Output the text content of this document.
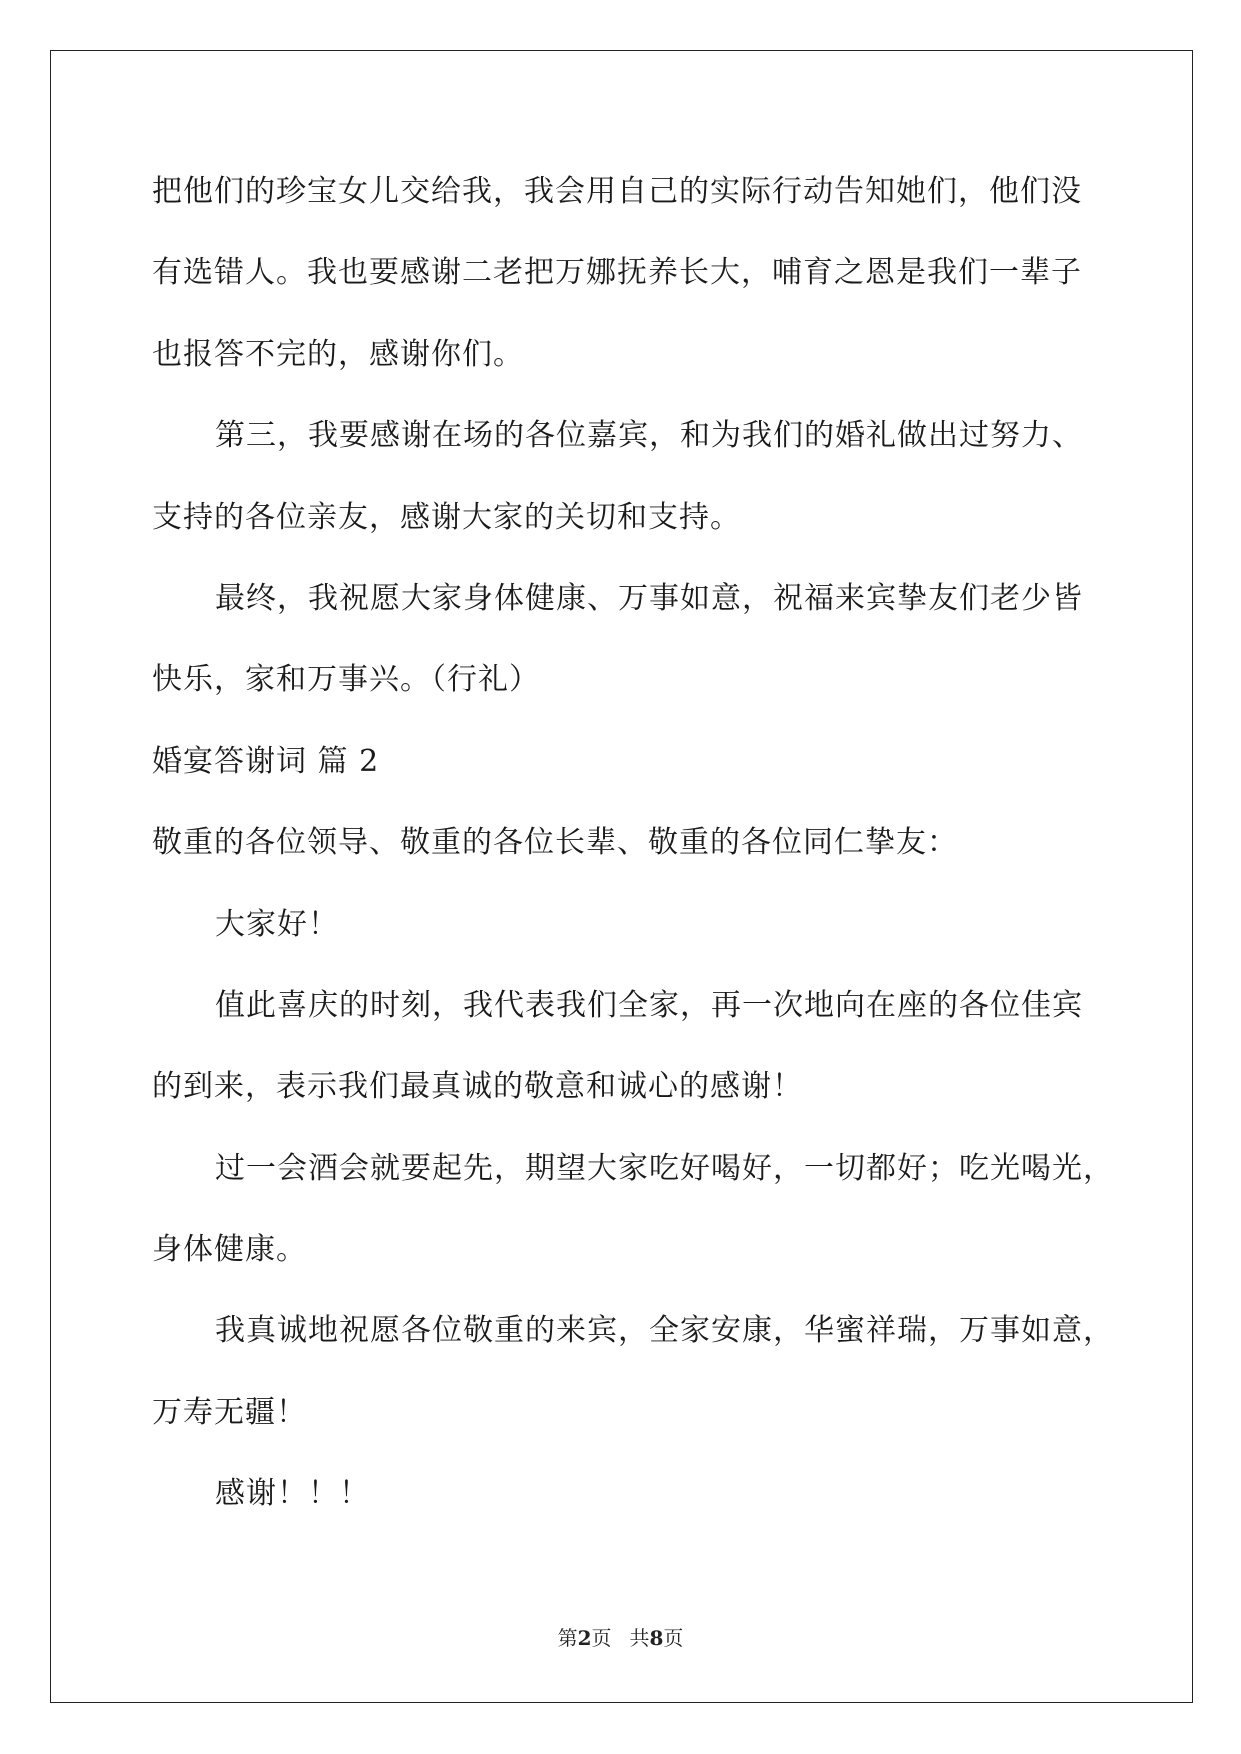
把他们的珍宝女儿交给我，我会用自己的实际行动告知她们，他们没
有选错人。我也要感谢二老把万娜抚养长大，哺育之恩是我们一辈子
也报答不完的，感谢你们。
第三，我要感谢在场的各位嘉宾，和为我们的婚礼做出过努力、
支持的各位亲友，感谢大家的关切和支持。
最终，我祝愿大家身体健康、万事如意，祝福来宾挚友们老少皆
快乐，家和万事兴。（行礼）
婚宴答谢词 篇 2
敬重的各位领导、敬重的各位长辈、敬重的各位同仁挚友：
大家好！
值此喜庆的时刻，我代表我们全家，再一次地向在座的各位佳宾
的到来，表示我们最真诚的敬意和诚心的感谢！
过一会酒会就要起先，期望大家吃好喝好，一切都好；吃光喝光，
身体健康。
我真诚地祝愿各位敬重的来宾，全家安康，华蜜祥瑞，万事如意，
万寿无疆！
感谢！！！
第2页 共8页
